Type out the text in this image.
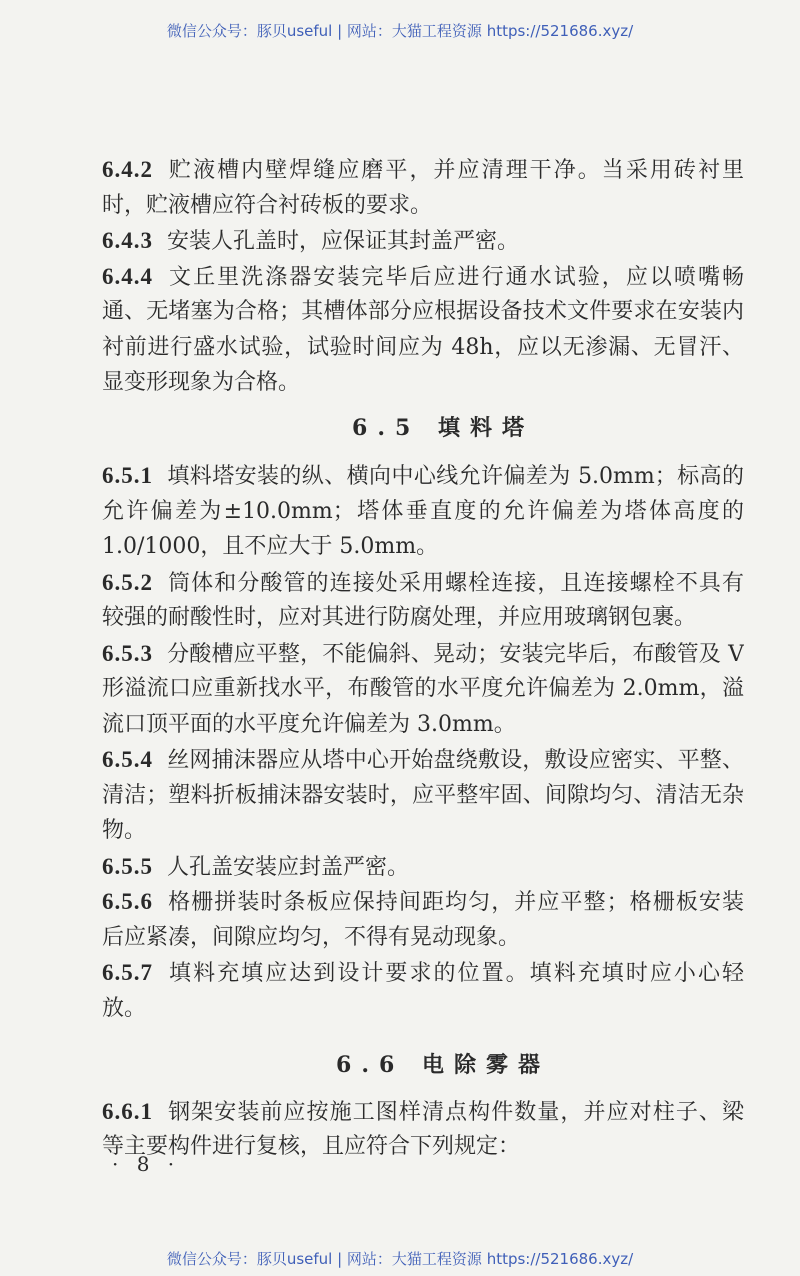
微信公众号：豚贝useful | 网站：大猫工程资源 https://521686.xyz/
6.4.2 贮液槽内壁焊缝应磨平，并应清理干净。当采用砖衬里
时，贮液槽应符合衬砖板的要求。
6.4.3 安装人孔盖时，应保证其封盖严密。
6.4.4 文丘里洗涤器安装完毕后应进行通水试验，应以喷嘴畅
通、无堵塞为合格；其槽体部分应根据设备技术文件要求在安装内
衬前进行盛水试验，试验时间应为 48h，应以无渗漏、无冒汗、
显变形现象为合格。
6.5 填料塔
6.5.1 填料塔安装的纵、横向中心线允许偏差为 5.0mm；标高的
允许偏差为±10.0mm；塔体垂直度的允许偏差为塔体高度的
1.0/1000，且不应大于 5.0mm。
6.5.2 筒体和分酸管的连接处采用螺栓连接，且连接螺栓不具有
较强的耐酸性时，应对其进行防腐处理，并应用玻璃钢包裹。
6.5.3 分酸槽应平整，不能偏斜、晃动；安装完毕后，布酸管及 V
形溢流口应重新找水平，布酸管的水平度允许偏差为 2.0mm，溢
流口顶平面的水平度允许偏差为 3.0mm。
6.5.4 丝网捕沫器应从塔中心开始盘绕敷设，敷设应密实、平整、
清洁；塑料折板捕沫器安装时，应平整牢固、间隙均匀、清洁无杂
物。
6.5.5 人孔盖安装应封盖严密。
6.5.6 格栅拼装时条板应保持间距均匀，并应平整；格栅板安装
后应紧凑，间隙应均匀，不得有晃动现象。
6.5.7 填料充填应达到设计要求的位置。填料充填时应小心轻
放。
6.6 电除雾器
6.6.1 钢架安装前应按施工图样清点构件数量，并应对柱子、梁
等主要构件进行复核，且应符合下列规定：
· 8 ·
微信公众号：豚贝useful | 网站：大猫工程资源 https://521686.xyz/
